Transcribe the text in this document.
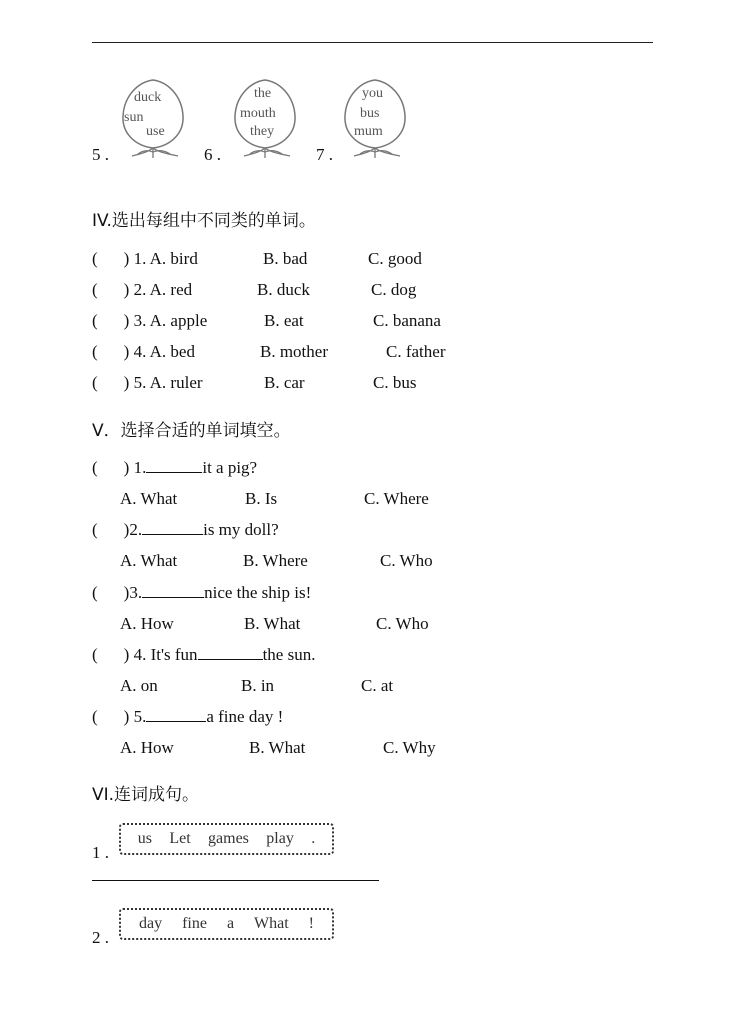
5 .
duck
sun
use
6 .
the
mouth
they
7 .
you
bus
mum
IV.选出每组中不同类的单词。
( ) 1. A. bird	B. bad	C. good
( ) 2. A. red	B. duck	C. dog
( ) 3. A. apple	B. eat	C. banana
( ) 4. A. bed	B. mother	C. father
( ) 5. A. ruler	B. car	C. bus
V．选择合适的单词填空。
( ) 1.	it a pig?
A. What	B. Is	C. Where
( )2.	is my doll?
A. What	B. Where	C. Who
( )3.	nice the ship is!
A. How	B. What	C. Who
( ) 4. It's fun	the sun.
A. on	B. in	C. at
( ) 5.	a fine day !
A. How	B. What	C. Why
VI.连词成句。
1 .
us Let games play .
2 .
day fine a What !
